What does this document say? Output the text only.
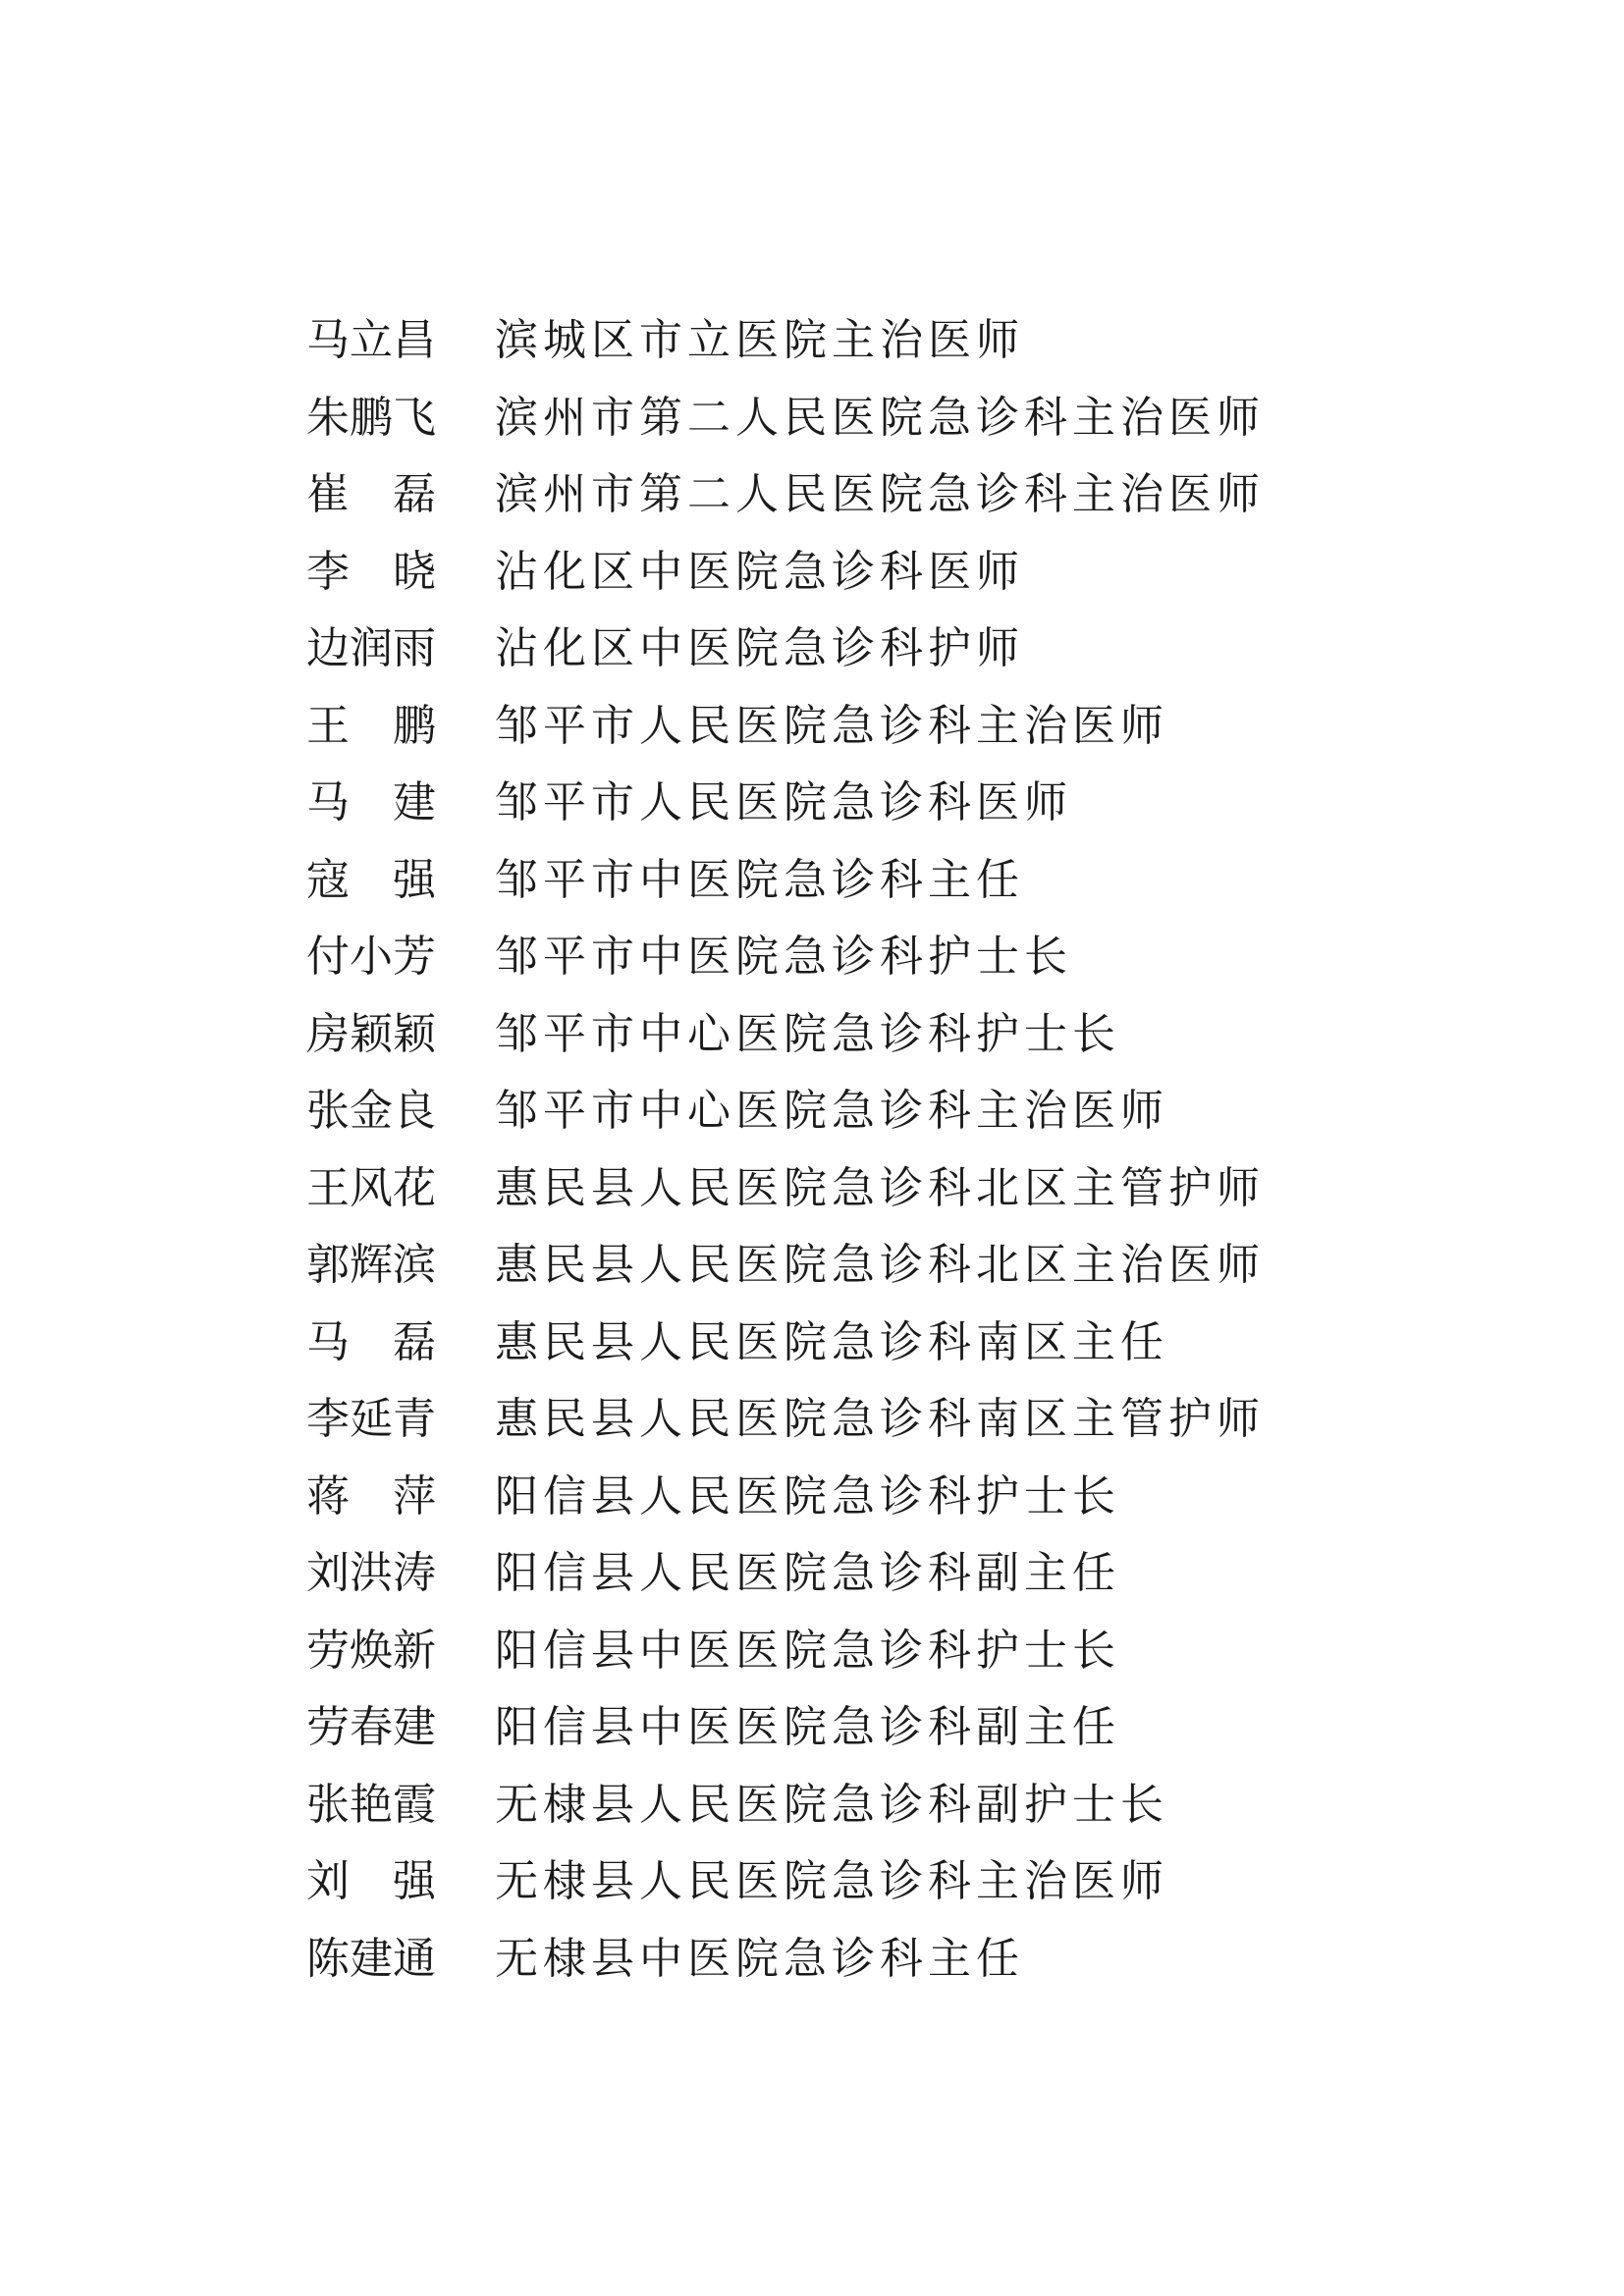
马 立 昌 滨城区市立医院主治医师
朱 鹏 飞 滨州市第二人民医院急诊科主治医师
崔 磊 滨州市第二人民医院急诊科主治医师
李 晓 沾化区中医院急诊科医师
边 润 雨 沾化区中医院急诊科护师
王 鹏 邹平市人民医院急诊科主治医师
马 建 邹平市人民医院急诊科医师
寇 强 邹平市中医院急诊科主任
付 小 芳 邹平市中医院急诊科护士长
房 颖 颖 邹平市中心医院急诊科护士长
张 金 良 邹平市中心医院急诊科主治医师
王 风 花 惠民县人民医院急诊科北区主管护师
郭 辉 滨 惠民县人民医院急诊科北区主治医师
马 磊 惠民县人民医院急诊科南区主任
李 延 青 惠民县人民医院急诊科南区主管护师
蒋 萍 阳信县人民医院急诊科护士长
刘 洪 涛 阳信县人民医院急诊科副主任
劳 焕 新 阳信县中医医院急诊科护士长
劳 春 建 阳信县中医医院急诊科副主任
张 艳 霞 无棣县人民医院急诊科副护士长
刘 强 无棣县人民医院急诊科主治医师
陈 建 通 无棣县中医院急诊科主任
